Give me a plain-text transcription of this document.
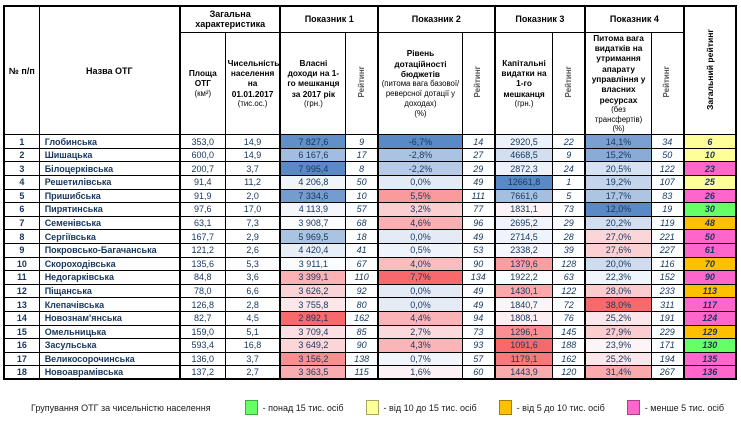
№ п/п	Назва ОТГ	Загальна характеристика		Показник 1		Показник 2		Показник 3		Показник 4		Загальний рейтинг

Площа ОТГ
(км²)

Чисельність населення на 01.01.2017
(тис.ос.)

Власні доходи на 1-го мешканця за 2017 рік
(грн.)
	Рейтинг	
Рівень дотаційності бюджетів
(питома вага базової/ реверсної дотації у доходах)
(%)
	Рейтинг	
Капітальні видатки на 1-го мешканця
(грн.)
	Рейтинг	
Питома вага видатків на утримання апарату управління у власних ресурсах
(без трансфертів)
(%)
	Рейтинг
1	Глобинська	353,0	14,9	7 827,6	9	-6,7%	14	2920,5	22	14,1%	34	6
2	Шишацька	600,0	14,9	6 167,6	17	-2,8%	27	4668,5	9	15,2%	50	10
3	Білоцерківська	200,7	3,7	7 995,4	8	-2,2%	29	2872,3	24	20,5%	122	23
4	Решетилівська	91,4	11,2	4 206,8	50	0,0%	49	12661,8	1	19,2%	107	25
5	Пришибська	91,9	2,0	7 334,6	10	5,5%	111	7661,6	5	17,7%	83	26
6	Пирятинська	97,6	17,0	4 113,9	57	3,2%	77	1831,1	73	12,0%	19	30
7	Семенівська	63,1	7,3	3 908,7	68	4,6%	96	2695,2	29	20,2%	119	48
8	Сергіївська	167,7	2,9	5 969,5	18	0,0%	49	2714,5	28	27,0%	221	50
9	Покровсько-Багачанська	121,2	2,6	4 420,4	41	0,5%	53	2338,2	39	27,6%	227	61
10	Скороходівська	135,6	5,3	3 911,1	67	4,0%	90	1379,6	128	20,0%	116	70
11	Недогарківська	84,8	3,6	3 399,1	110	7,7%	134	1922,2	63	22,3%	152	90
12	Піщанська	78,0	6,6	3 626,2	92	0,0%	49	1430,1	122	28,0%	233	113
13	Клепачівська	126,8	2,8	3 755,8	80	0,0%	49	1840,7	72	38,0%	311	117
14	Новознам'янська	82,7	4,5	2 892,1	162	4,4%	94	1808,1	76	25,2%	191	124
15	Омельницька	159,0	5,1	3 709,4	85	2,7%	73	1296,1	145	27,9%	229	129
16	Засульська	593,4	16,8	3 649,2	90	4,3%	93	1091,6	188	23,9%	171	130
17	Великосорочинська	136,0	3,7	3 156,2	138	0,7%	57	1179,1	162	25,2%	194	135
18	Новоаврамівська	137,2	2,7	3 363,5	115	1,6%	60	1443,9	120	31,4%	267	136
Групування ОТГ за чисельністю населення	- понад 15 тис. осіб	- від 10 до 15 тис. осіб	- від 5 до 10 тис. осіб	- менше 5 тис. осіб
